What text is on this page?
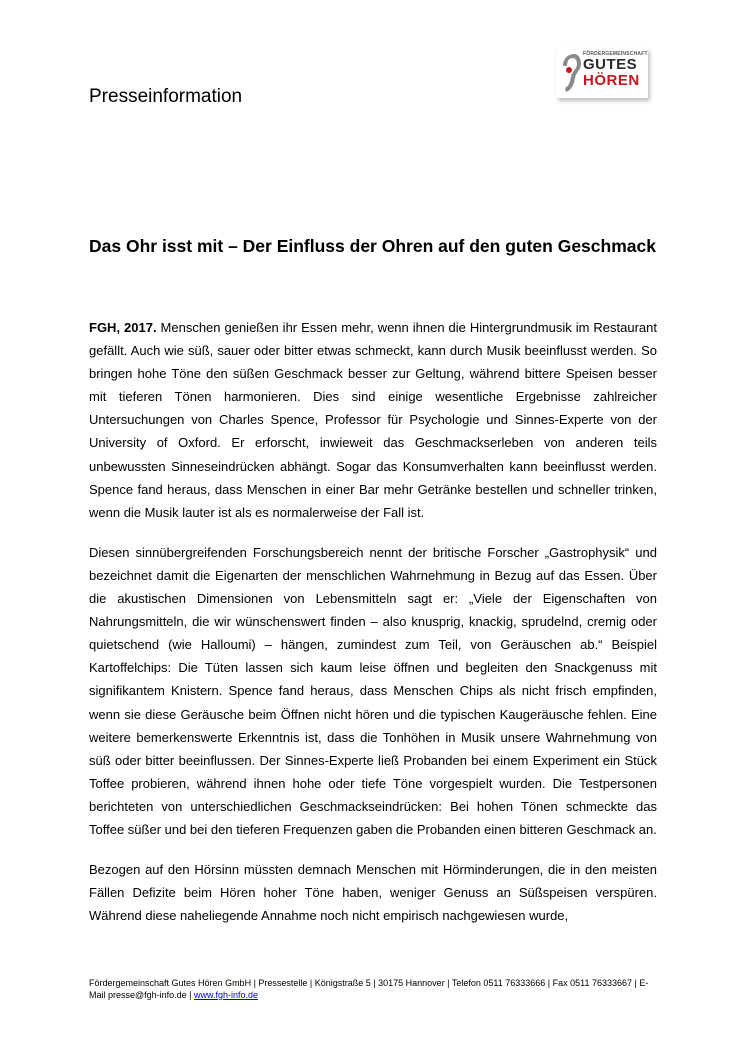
Presseinformation
FÖRDERGEMEINSCHAFT
GUTES
HÖREN
Das Ohr isst mit – Der Einfluss der Ohren auf den guten Geschmack

FGH, 2017. Menschen genießen ihr Essen mehr, wenn ihnen die Hintergrundmusik im Restaurant gefällt. Auch wie süß, sauer oder bitter etwas schmeckt, kann durch Musik beeinflusst werden. So bringen hohe Töne den süßen Geschmack besser zur Geltung, während bittere Speisen besser mit tieferen Tönen harmonieren. Dies sind einige wesentliche Ergebnisse zahlreicher Untersuchungen von Charles Spence, Professor für Psychologie und Sinnes-Experte von der University of Oxford. Er erforscht, inwieweit das Geschmackserleben von anderen teils unbewussten Sinneseindrücken abhängt. Sogar das Konsumverhalten kann beeinflusst werden. Spence fand heraus, dass Menschen in einer Bar mehr Getränke bestellen und schneller trinken, wenn die Musik lauter ist als es normalerweise der Fall ist.

Diesen sinnübergreifenden Forschungsbereich nennt der britische Forscher „Gastrophysik“ und bezeichnet damit die Eigenarten der menschlichen Wahrnehmung in Bezug auf das Essen. Über die akustischen Dimensionen von Lebensmitteln sagt er: „Viele der Eigenschaften von Nahrungsmitteln, die wir wünschenswert finden – also knusprig, knackig, sprudelnd, cremig oder quietschend (wie Halloumi) – hängen, zumindest zum Teil, von Geräuschen ab.“ Beispiel Kartoffelchips: Die Tüten lassen sich kaum leise öffnen und begleiten den Snackgenuss mit signifikantem Knistern. Spence fand heraus, dass Menschen Chips als nicht frisch empfinden, wenn sie diese Geräusche beim Öffnen nicht hören und die typischen Kaugeräusche fehlen. Eine weitere bemerkenswerte Erkenntnis ist, dass die Tonhöhen in Musik unsere Wahrnehmung von süß oder bitter beeinflussen. Der Sinnes-Experte ließ Probanden bei einem Experiment ein Stück Toffee probieren, während ihnen hohe oder tiefe Töne vorgespielt wurden. Die Testpersonen berichteten von unterschiedlichen Geschmackseindrücken: Bei hohen Tönen schmeckte das Toffee süßer und bei den tieferen Frequenzen gaben die Probanden einen bitteren Geschmack an.

Bezogen auf den Hörsinn müssten demnach Menschen mit Hörminderungen, die in den meisten Fällen Defizite beim Hören hoher Töne haben, weniger Genuss an Süßspeisen verspüren. Während diese naheliegende Annahme noch nicht empirisch nachgewiesen wurde,

Fördergemeinschaft Gutes Hören GmbH | Pressestelle | Königstraße 5 | 30175 Hannover | Telefon 0511 76333666 | Fax 0511 76333667 | E-Mail presse@fgh-info.de | www.fgh-info.de
